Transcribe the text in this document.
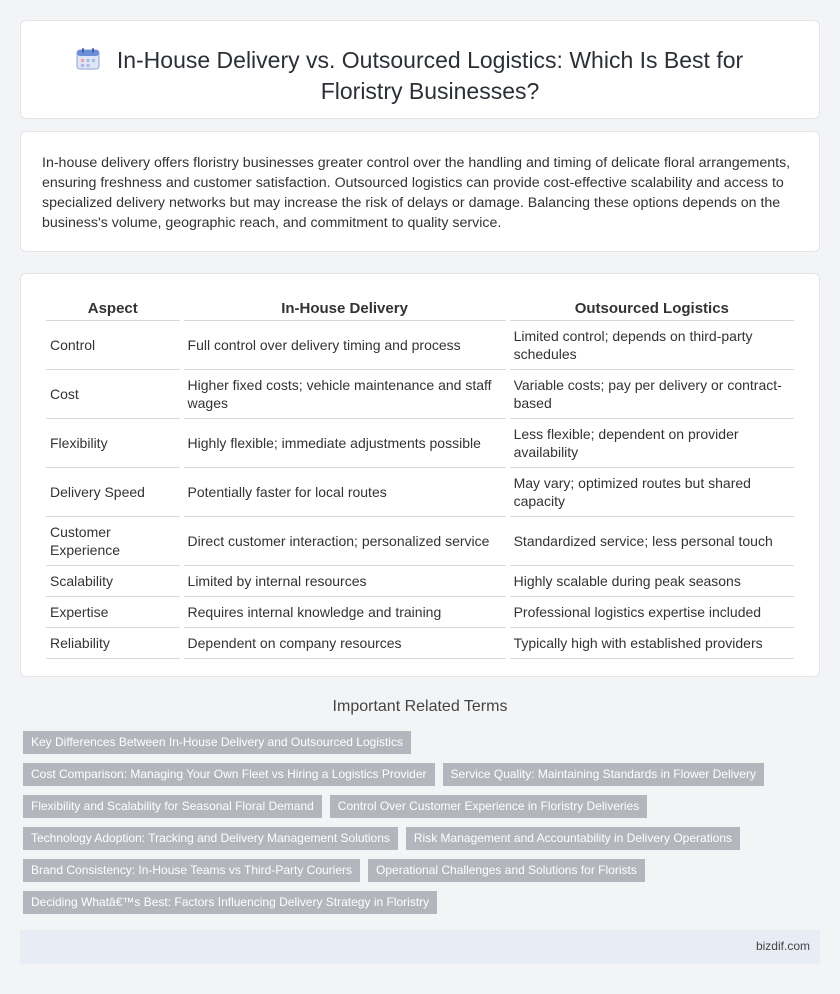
In-House Delivery vs. Outsourced Logistics: Which Is Best for Floristry Businesses?

In-house delivery offers floristry businesses greater control over the handling and timing of delicate floral arrangements, ensuring freshness and customer satisfaction. Outsourced logistics can provide cost-effective scalability and access to specialized delivery networks but may increase the risk of delays or damage. Balancing these options depends on the business's volume, geographic reach, and commitment to quality service.

Aspect	In-House Delivery	Outsourced Logistics
Control	Full control over delivery timing and process	Limited control; depends on third-party schedules
Cost	Higher fixed costs; vehicle maintenance and staff wages	Variable costs; pay per delivery or contract-based
Flexibility	Highly flexible; immediate adjustments possible	Less flexible; dependent on provider availability
Delivery Speed	Potentially faster for local routes	May vary; optimized routes but shared capacity
Customer Experience	Direct customer interaction; personalized service	Standardized service; less personal touch
Scalability	Limited by internal resources	Highly scalable during peak seasons
Expertise	Requires internal knowledge and training	Professional logistics expertise included
Reliability	Dependent on company resources	Typically high with established providers
Important Related Terms
Key Differences Between In-House Delivery and Outsourced Logistics
Cost Comparison: Managing Your Own Fleet vs Hiring a Logistics Provider	Service Quality: Maintaining Standards in Flower Delivery
Flexibility and Scalability for Seasonal Floral Demand	Control Over Customer Experience in Floristry Deliveries
Technology Adoption: Tracking and Delivery Management Solutions	Risk Management and Accountability in Delivery Operations
Brand Consistency: In-House Teams vs Third-Party Couriers	Operational Challenges and Solutions for Florists
Deciding Whatâ€™s Best: Factors Influencing Delivery Strategy in Floristry
bizdif.com
